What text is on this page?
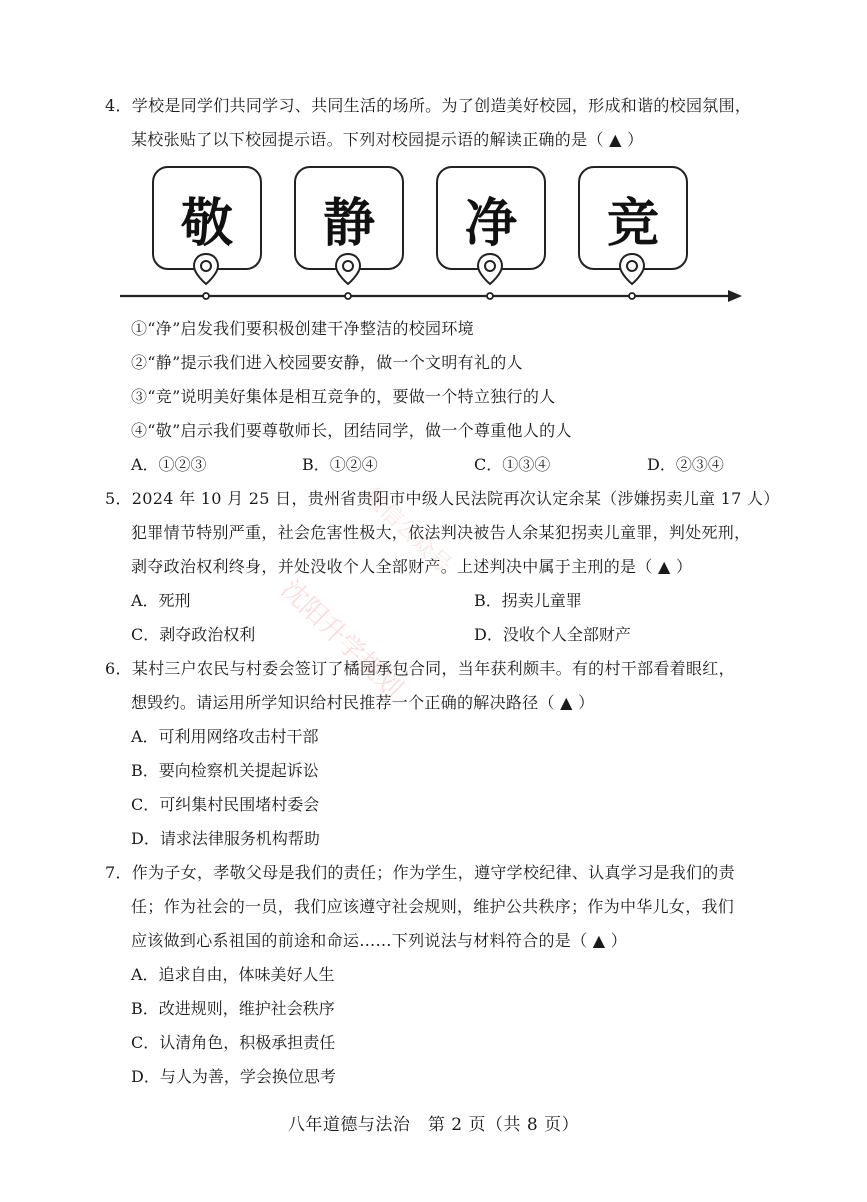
4．学校是同学们共同学习、共同生活的场所。为了创造美好校园，形成和谐的校园氛围，
某校张贴了以下校园提示语。下列对校园提示语的解读正确的是（ ▲ ）
敬 静 净 竞
①“净”启发我们要积极创建干净整洁的校园环境
②“静”提示我们进入校园要安静，做一个文明有礼的人
③“竞”说明美好集体是相互竞争的，要做一个特立独行的人
④“敬”启示我们要尊敬师长，团结同学，做一个尊重他人的人
A．①②③	B．①②④	C．①③④	D．②③④
5．2024 年 10 月 25 日，贵州省贵阳市中级人民法院再次认定余某（涉嫌拐卖儿童 17 人）
犯罪情节特别严重，社会危害性极大，依法判决被告人余某犯拐卖儿童罪，判处死刑，
剥夺政治权利终身，并处没收个人全部财产。上述判决中属于主刑的是（ ▲ ）
A．死刑	B．拐卖儿童罪
C．剥夺政治权利	D．没收个人全部财产
6．某村三户农民与村委会签订了橘园承包合同，当年获利颇丰。有的村干部看着眼红，
想毁约。请运用所学知识给村民推荐一个正确的解决路径（ ▲ ）
A．可利用网络攻击村干部
B．要向检察机关提起诉讼
C．可纠集村民围堵村委会
D．请求法律服务机构帮助
7．作为子女，孝敬父母是我们的责任；作为学生，遵守学校纪律、认真学习是我们的责
任；作为社会的一员，我们应该遵守社会规则，维护公共秩序；作为中华儿女，我们
应该做到心系祖国的前途和命运……下列说法与材料符合的是（ ▲ ）
A．追求自由，体味美好人生
B．改进规则，维护社会秩序
C．认清角色，积极承担责任
D．与人为善，学会换位思考
八年道德与法治　第 2 页（共 8 页）
微信公众号
沈阳升学规划
